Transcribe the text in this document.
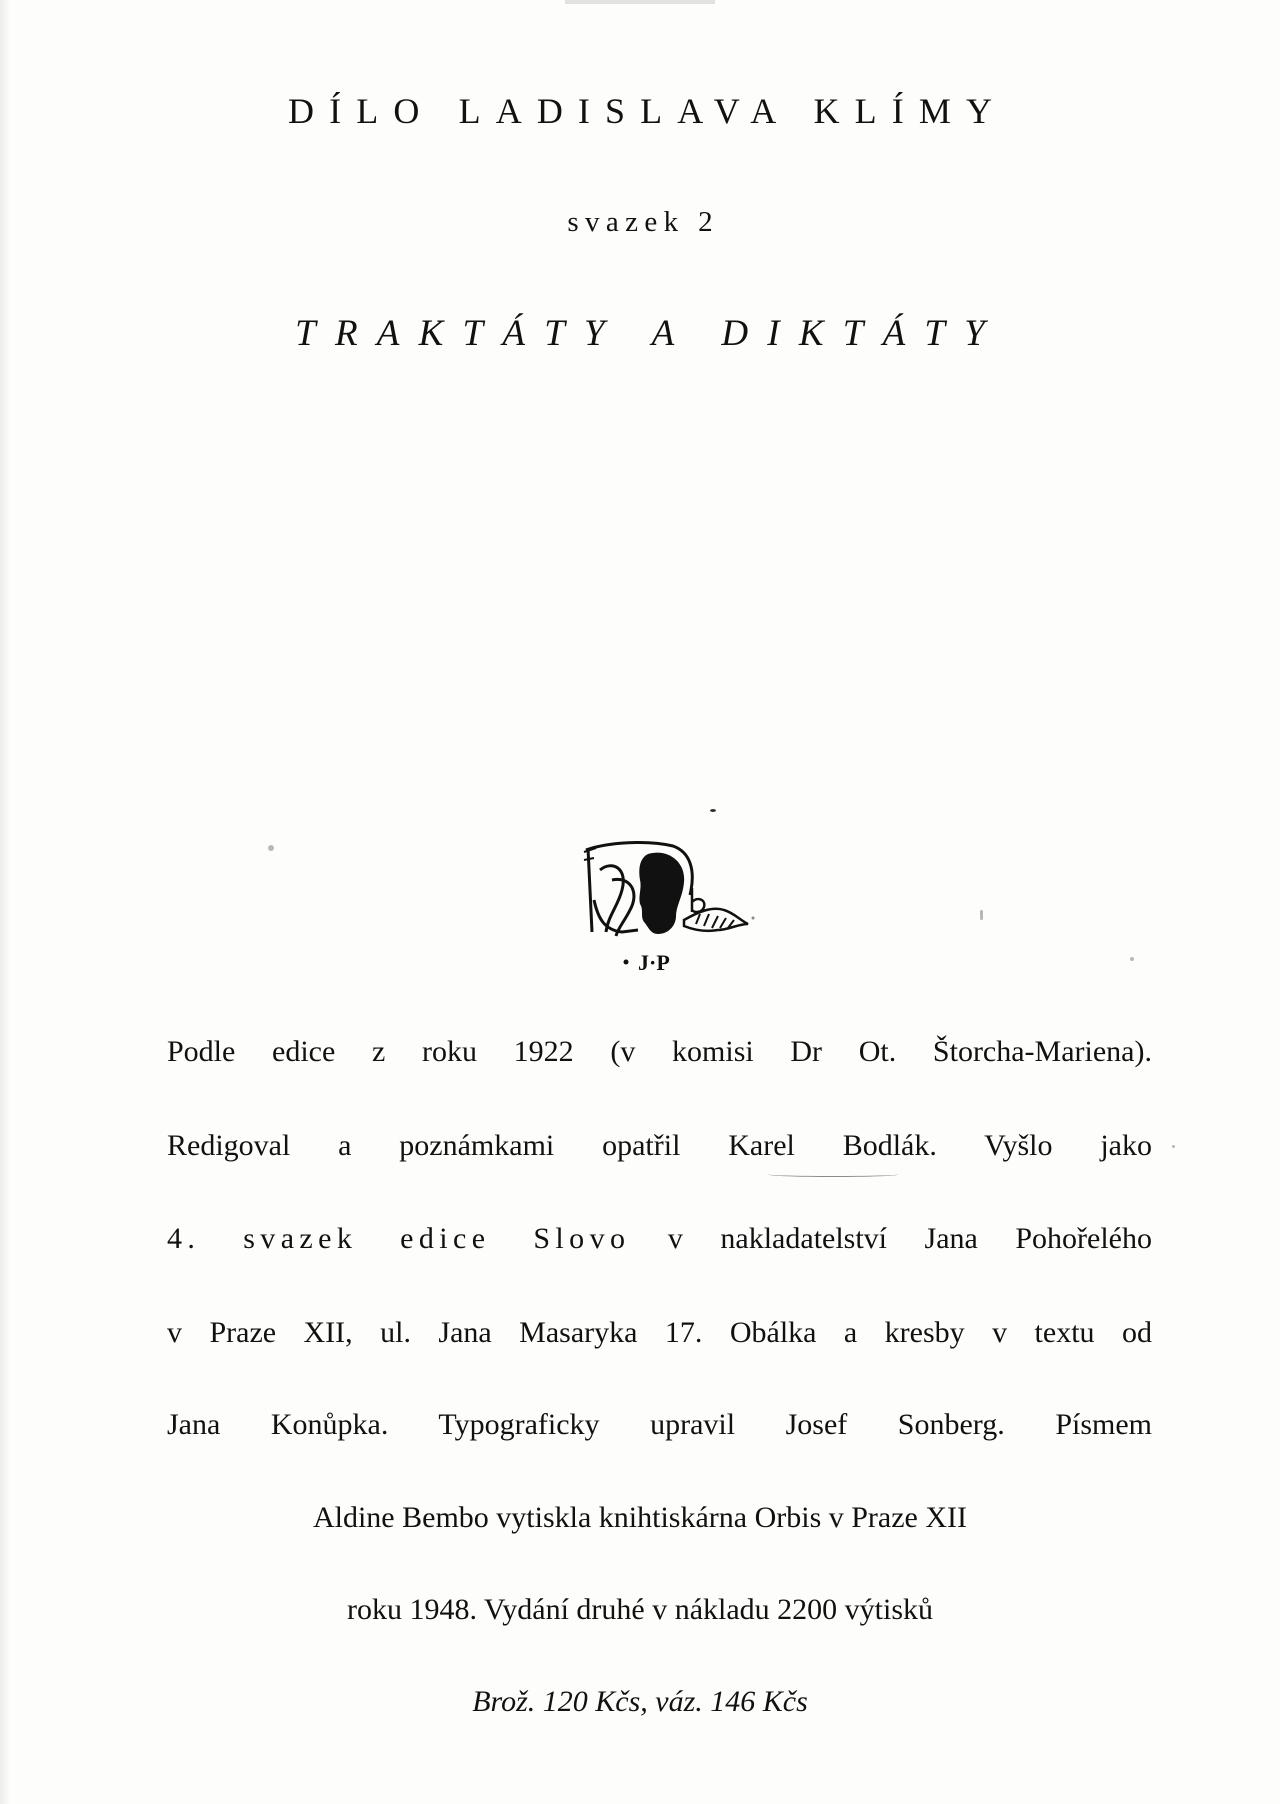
DÍLO LADISLAVA KLÍMY
svazek 2
TRAKTÁTY A DIKTÁTY
J·P
Podle edice z roku 1922 (v komisi Dr Ot. Štorcha-Mariena).
Redigoval a poznámkami opatřil Karel Bodlák. Vyšlo jako
4. svazek edice Slovo v nakladatelství Jana Pohořelého
v Praze XII, ul. Jana Masaryka 17. Obálka a kresby v textu od
Jana Konůpka. Typograficky upravil Josef Sonberg. Písmem
Aldine Bembo vytiskla knihtiskárna Orbis v Praze XII
roku 1948. Vydání druhé v nákladu 2200 výtisků
Brož. 120 Kčs, váz. 146 Kčs
